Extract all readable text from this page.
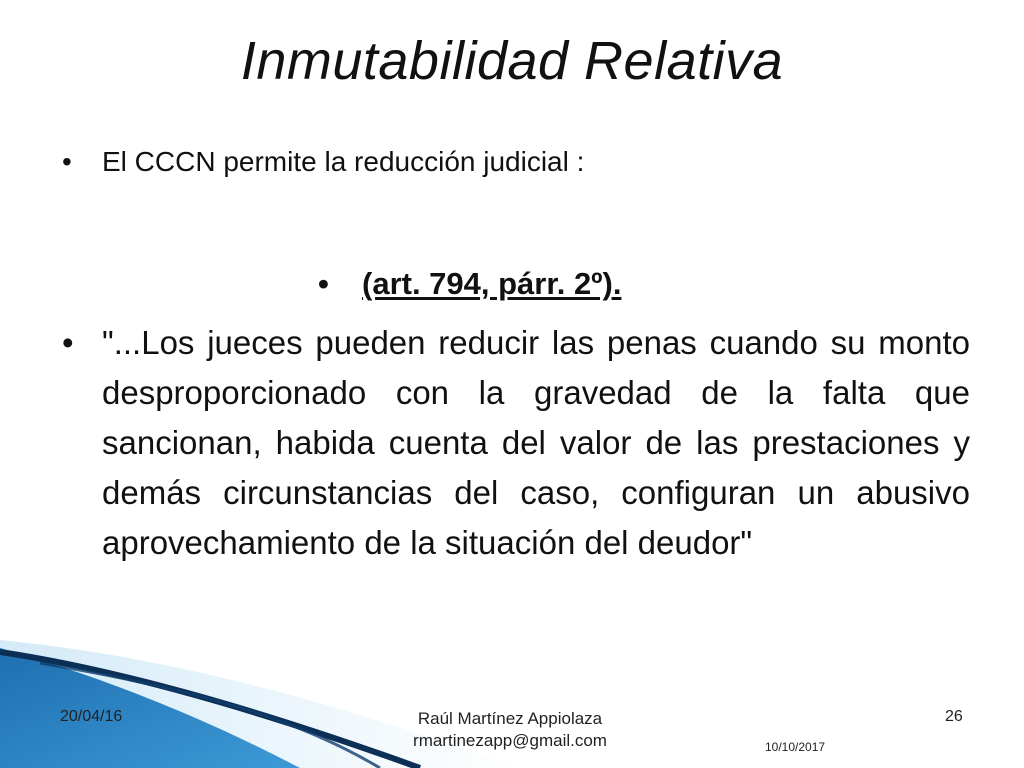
Inmutabilidad Relativa
• El CCCN permite la reducción judicial :
• (art. 794, párr. 2º).
• "...Los jueces pueden reducir las penas cuando su monto desproporcionado con la gravedad de la falta que sancionan, habida cuenta del valor de las prestaciones y demás circunstancias del caso, configuran un abusivo aprovechamiento de la situación del deudor"
20/04/16	Raúl Martínez Appiolaza
rmartinezapp@gmail.com
26
10/10/2017
